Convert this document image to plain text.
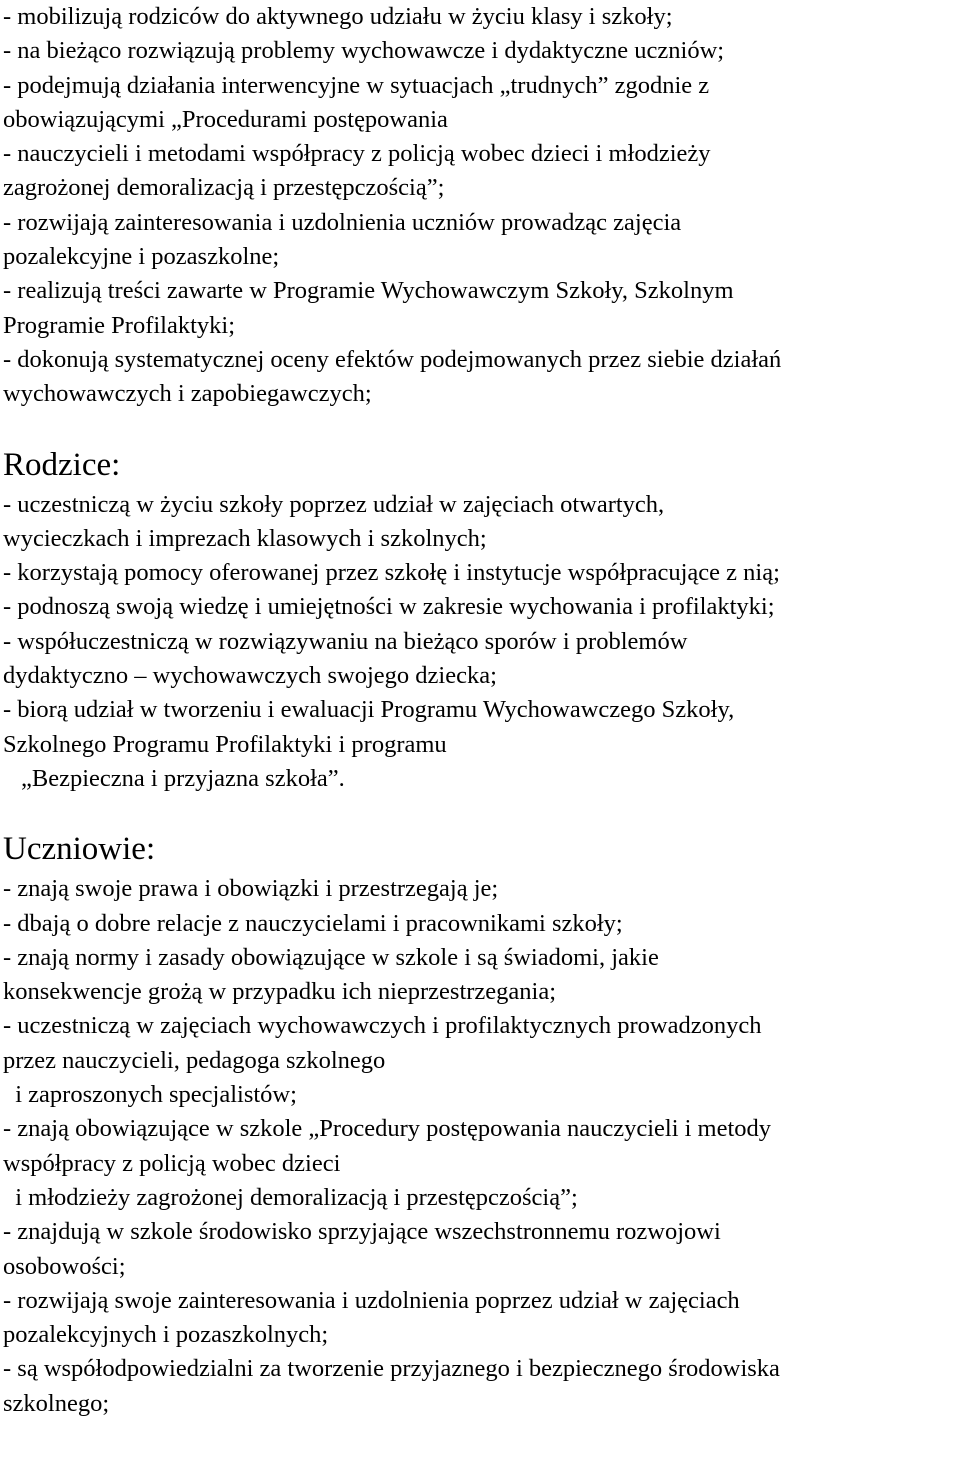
- mobilizują rodziców do aktywnego udziału w życiu klasy i szkoły;
- na bieżąco rozwiązują problemy wychowawcze i dydaktyczne uczniów;
- podejmują działania interwencyjne w sytuacjach „trudnych” zgodnie z
obowiązującymi „Procedurami postępowania
- nauczycieli i metodami współpracy z policją wobec dzieci i młodzieży
zagrożonej demoralizacją i przestępczością”;
- rozwijają zainteresowania i uzdolnienia uczniów prowadząc zajęcia
pozalekcyjne i pozaszkolne;
- realizują treści zawarte w Programie Wychowawczym Szkoły, Szkolnym
Programie Profilaktyki;
- dokonują systematycznej oceny efektów podejmowanych przez siebie działań
wychowawczych i zapobiegawczych;
Rodzice:
- uczestniczą w życiu szkoły poprzez udział w zajęciach otwartych,
wycieczkach i imprezach klasowych i szkolnych;
- korzystają pomocy oferowanej przez szkołę i instytucje współpracujące z nią;
- podnoszą swoją wiedzę i umiejętności w zakresie wychowania i profilaktyki;
- współuczestniczą w rozwiązywaniu na bieżąco sporów i problemów
dydaktyczno – wychowawczych swojego dziecka;
- biorą udział w tworzeniu i ewaluacji Programu Wychowawczego Szkoły,
Szkolnego Programu Profilaktyki i programu
„Bezpieczna i przyjazna szkoła”.
Uczniowie:
- znają swoje prawa i obowiązki i przestrzegają je;
- dbają o dobre relacje z nauczycielami i pracownikami szkoły;
- znają normy i zasady obowiązujące w szkole i są świadomi, jakie
konsekwencje grożą w przypadku ich nieprzestrzegania;
- uczestniczą w zajęciach wychowawczych i profilaktycznych prowadzonych
przez nauczycieli, pedagoga szkolnego
i zaproszonych specjalistów;
- znają obowiązujące w szkole „Procedury postępowania nauczycieli i metody
współpracy z policją wobec dzieci
i młodzieży zagrożonej demoralizacją i przestępczością”;
- znajdują w szkole środowisko sprzyjające wszechstronnemu rozwojowi
osobowości;
- rozwijają swoje zainteresowania i uzdolnienia poprzez udział w zajęciach
pozalekcyjnych i pozaszkolnych;
- są współodpowiedzialni za tworzenie przyjaznego i bezpiecznego środowiska
szkolnego;
